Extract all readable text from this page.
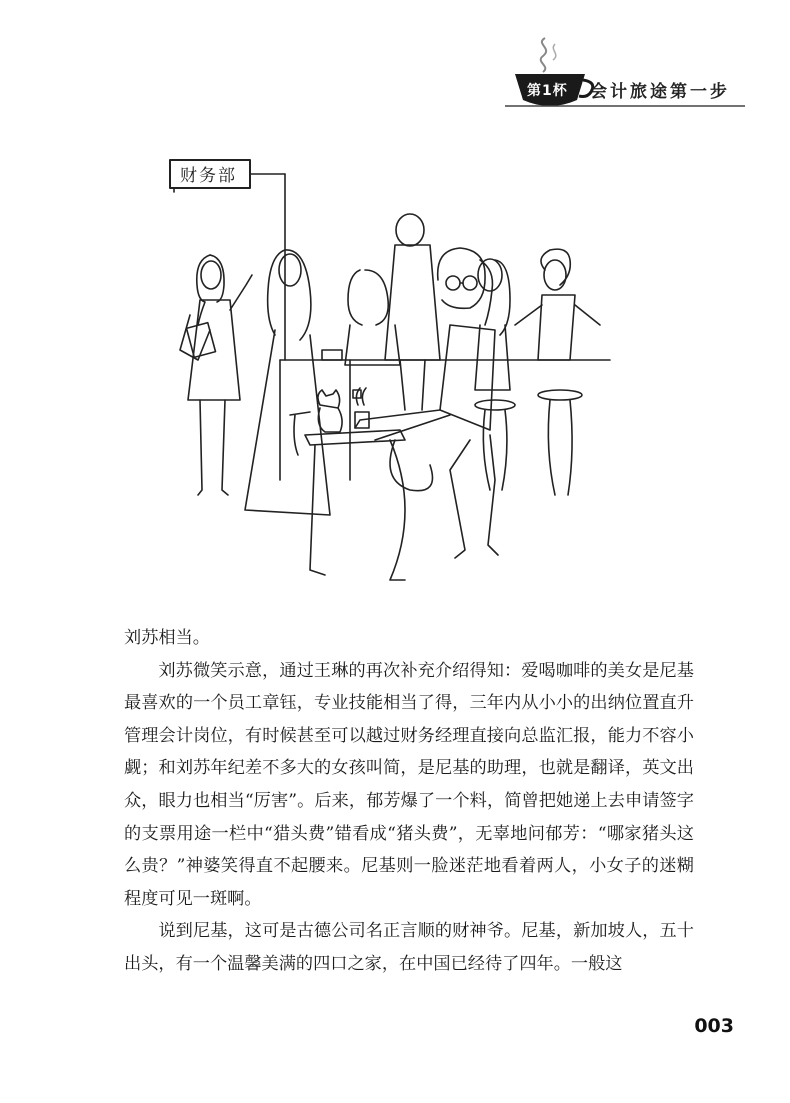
第1杯 会计旅途第一步
财务部

刘苏相当。

刘苏微笑示意，通过王琳的再次补充介绍得知：爱喝咖啡的美女是尼基最喜欢的一个员工章钰，专业技能相当了得，三年内从小小的出纳位置直升管理会计岗位，有时候甚至可以越过财务经理直接向总监汇报，能力不容小觑；和刘苏年纪差不多大的女孩叫简，是尼基的助理，也就是翻译，英文出众，眼力也相当“厉害”。后来，郁芳爆了一个料，简曾把她递上去申请签字的支票用途一栏中“猎头费”错看成“猪头费”，无辜地问郁芳：“哪家猪头这么贵？”神婆笑得直不起腰来。尼基则一脸迷茫地看着两人，小女子的迷糊程度可见一斑啊。

说到尼基，这可是古德公司名正言顺的财神爷。尼基，新加坡人，五十出头，有一个温馨美满的四口之家，在中国已经待了四年。一般这

003
